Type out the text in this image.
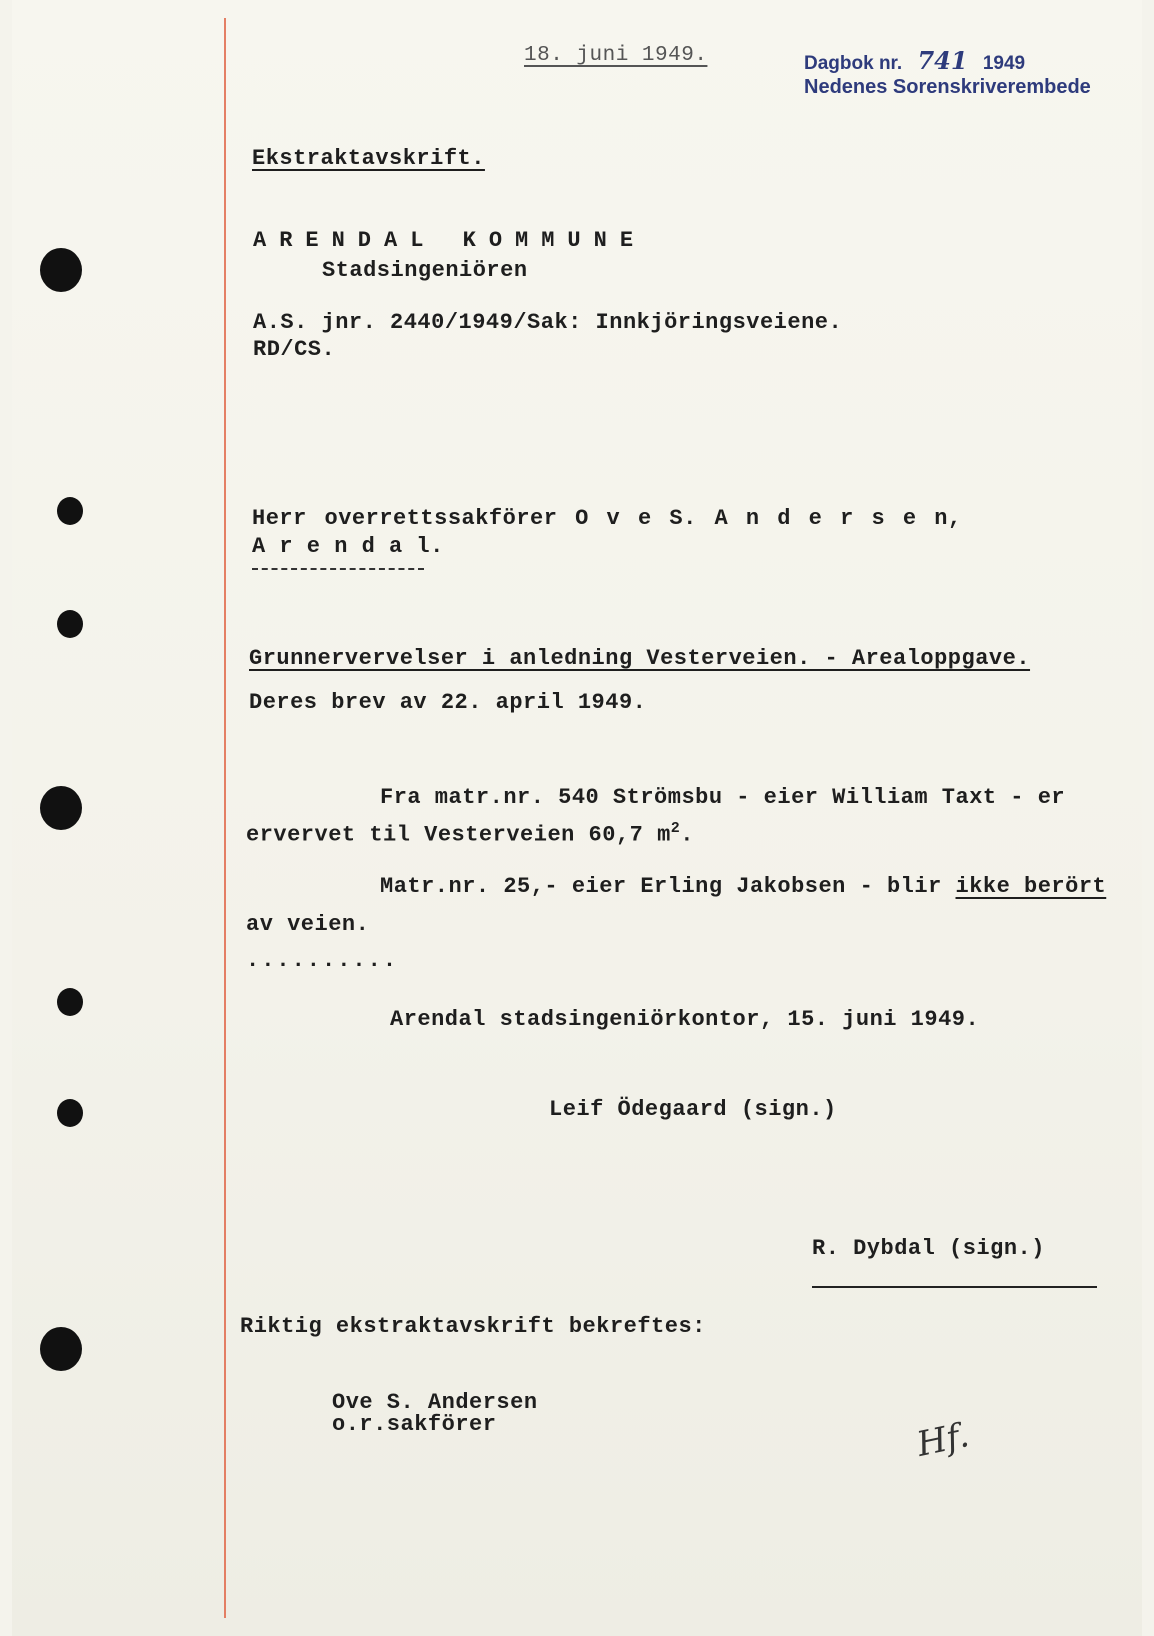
18. juni 1949.	Dagbok nr. 741 1949
Nedenes Sorenskriverembede
Ekstraktavskrift.
ARENDAL KOMMUNE
Stadsingeniören
A.S. jnr. 2440/1949/Sak: Innkjöringsveiene.
RD/CS.
Herr overrettssakförer O v e S. A n d e r s e n,
A r e n d a l.
Grunnervervelser i anledning Vesterveien. - Arealoppgave.
Deres brev av 22. april 1949.
Fra matr.nr. 540 Strömsbu - eier William Taxt - er
ervervet til Vesterveien 60,7 $m^2$.
Matr.nr. 25,- eier Erling Jakobsen - blir ikke berört
av veien.
..........
Arendal stadsingeniörkontor, 15. juni 1949.
Leif Ödegaard (sign.)
R. Dybdal (sign.)
Riktig ekstraktavskrift bekreftes:
Ove S. Andersen
o.r.sakförer	Hf.
